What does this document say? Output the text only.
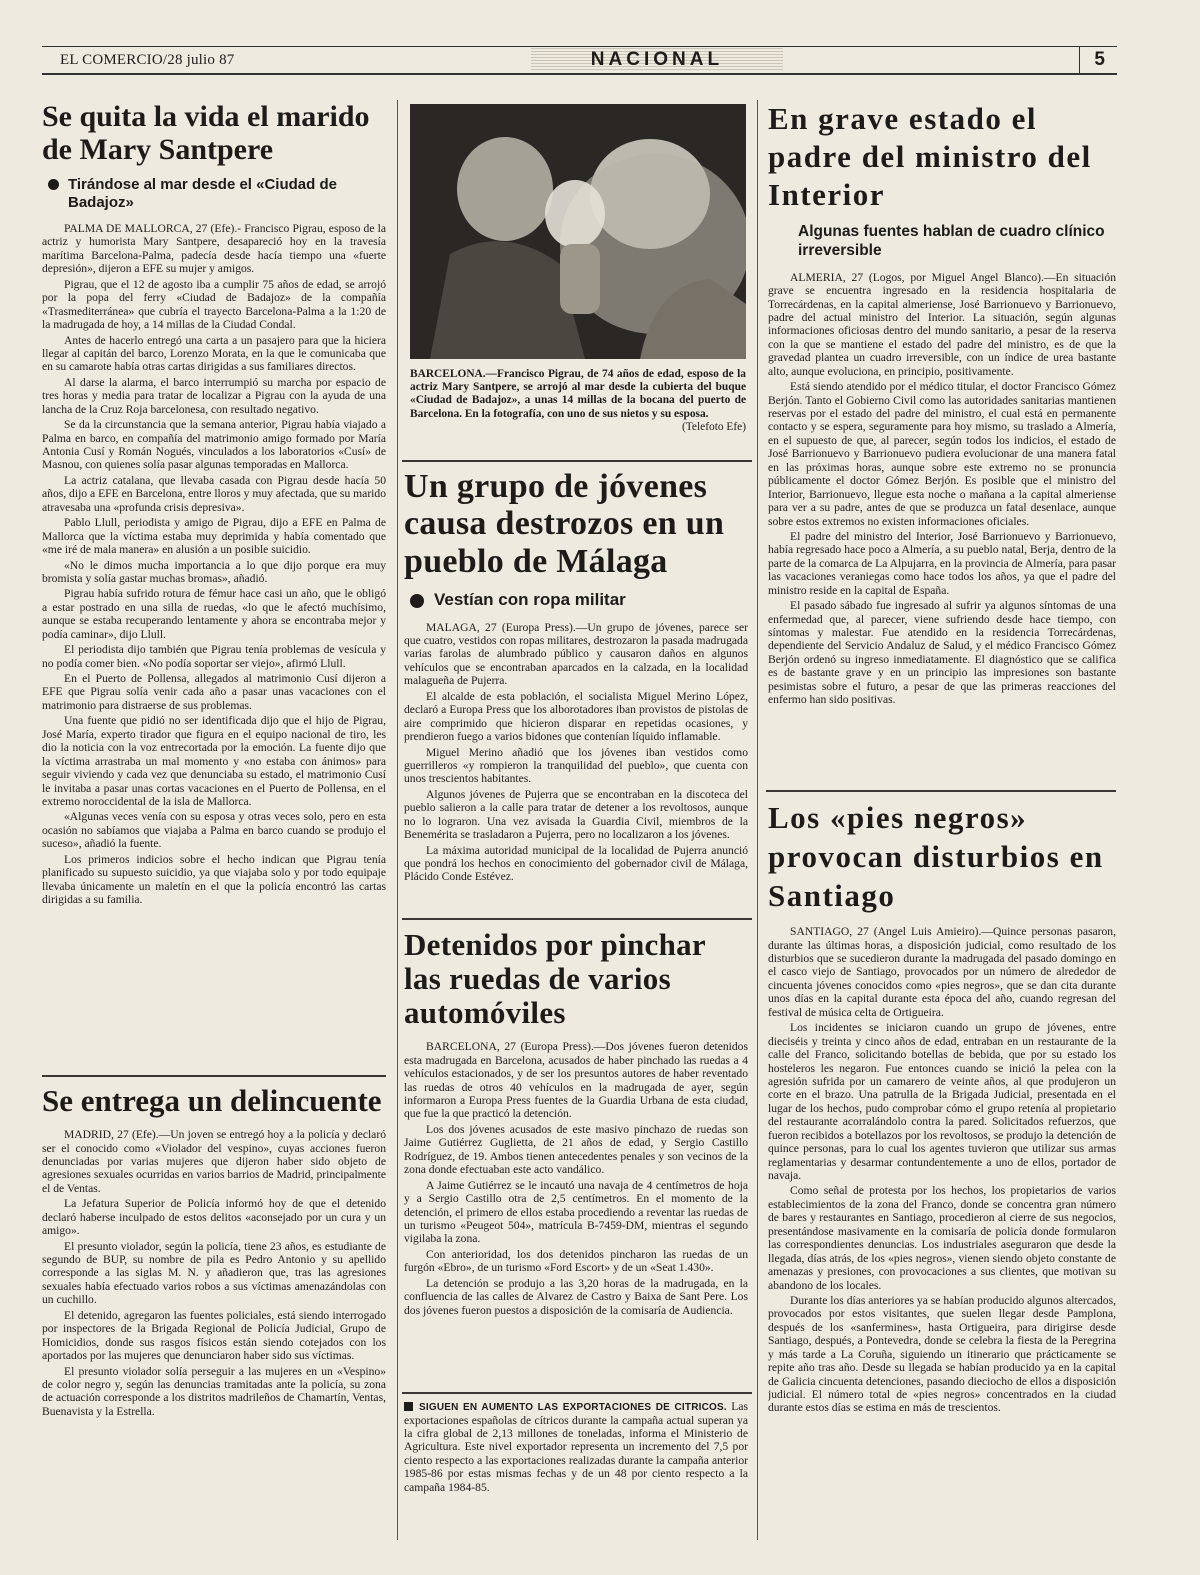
EL COMERCIO/28 julio 87	NACIONAL	5
Se quita la vida el marido de Mary Santpere
Tirándose al mar desde el «Ciudad de Badajoz»

PALMA DE MALLORCA, 27 (Efe).- Francisco Pigrau, esposo de la actriz y humorista Mary Santpere, desapareció hoy en la travesía marítima Barcelona-Palma, padecía desde hacía tiempo una «fuerte depresión», dijeron a EFE su mujer y amigos.

Pigrau, que el 12 de agosto iba a cumplir 75 años de edad, se arrojó por la popa del ferry «Ciudad de Badajoz» de la compañía «Trasmediterránea» que cubría el trayecto Barcelona-Palma a la 1:20 de la madrugada de hoy, a 14 millas de la Ciudad Condal.

Antes de hacerlo entregó una carta a un pasajero para que la hiciera llegar al capitán del barco, Lorenzo Morata, en la que le comunicaba que en su camarote había otras cartas dirigidas a sus familiares directos.

Al darse la alarma, el barco interrumpió su marcha por espacio de tres horas y media para tratar de localizar a Pigrau con la ayuda de una lancha de la Cruz Roja barcelonesa, con resultado negativo.

Se da la circunstancia que la semana anterior, Pigrau había viajado a Palma en barco, en compañía del matrimonio amigo formado por María Antonia Cusí y Román Nogués, vinculados a los laboratorios «Cusí» de Masnou, con quienes solía pasar algunas temporadas en Mallorca.

La actriz catalana, que llevaba casada con Pigrau desde hacía 50 años, dijo a EFE en Barcelona, entre lloros y muy afectada, que su marido atravesaba una «profunda crisis depresiva».

Pablo Llull, periodista y amigo de Pigrau, dijo a EFE en Palma de Mallorca que la víctima estaba muy deprimida y había comentado que «me iré de mala manera» en alusión a un posible suicidio.

«No le dimos mucha importancia a lo que dijo porque era muy bromista y solía gastar muchas bromas», añadió.

Pigrau había sufrido rotura de fémur hace casi un año, que le obligó a estar postrado en una silla de ruedas, «lo que le afectó muchísimo, aunque se estaba recuperando lentamente y ahora se encontraba mejor y podía caminar», dijo Llull.

El periodista dijo también que Pigrau tenía problemas de vesícula y no podía comer bien. «No podía soportar ser viejo», afirmó Llull.

En el Puerto de Pollensa, allegados al matrimonio Cusí dijeron a EFE que Pigrau solía venir cada año a pasar unas vacaciones con el matrimonio para distraerse de sus problemas.

Una fuente que pidió no ser identificada dijo que el hijo de Pigrau, José María, experto tirador que figura en el equipo nacional de tiro, les dio la noticia con la voz entrecortada por la emoción. La fuente dijo que la víctima arrastraba un mal momento y «no estaba con ánimos» para seguir viviendo y cada vez que denunciaba su estado, el matrimonio Cusí le invitaba a pasar unas cortas vacaciones en el Puerto de Pollensa, en el extremo noroccidental de la isla de Mallorca.

«Algunas veces venía con su esposa y otras veces solo, pero en esta ocasión no sabíamos que viajaba a Palma en barco cuando se produjo el suceso», añadió la fuente.

Los primeros indicios sobre el hecho indican que Pigrau tenía planificado su supuesto suicidio, ya que viajaba solo y por todo equipaje llevaba únicamente un maletín en el que la policía encontró las cartas dirigidas a su familia.

Se entrega un delincuente

MADRID, 27 (Efe).—Un joven se entregó hoy a la policía y declaró ser el conocido como «Violador del vespino», cuyas acciones fueron denunciadas por varias mujeres que dijeron haber sido objeto de agresiones sexuales ocurridas en varios barrios de Madrid, principalmente el de Ventas.

La Jefatura Superior de Policía informó hoy de que el detenido declaró haberse inculpado de estos delitos «aconsejado por un cura y un amigo».

El presunto violador, según la policía, tiene 23 años, es estudiante de segundo de BUP, su nombre de pila es Pedro Antonio y su apellido corresponde a las siglas M. N. y añadieron que, tras las agresiones sexuales había efectuado varios robos a sus víctimas amenazándolas con un cuchillo.

El detenido, agregaron las fuentes policiales, está siendo interrogado por inspectores de la Brigada Regional de Policía Judicial, Grupo de Homicidios, donde sus rasgos físicos están siendo cotejados con los aportados por las mujeres que denunciaron haber sido sus víctimas.

El presunto violador solía perseguir a las mujeres en un «Vespino» de color negro y, según las denuncias tramitadas ante la policía, su zona de actuación corresponde a los distritos madrileños de Chamartín, Ventas, Buenavista y la Estrella.

BARCELONA.—Francisco Pigrau, de 74 años de edad, esposo de la actriz Mary Santpere, se arrojó al mar desde la cubierta del buque «Ciudad de Badajoz», a unas 14 millas de la bocana del puerto de Barcelona. En la fotografía, con uno de sus nietos y su esposa.
(Telefoto Efe)
Un grupo de jóvenes causa destrozos en un pueblo de Málaga
Vestían con ropa militar

MALAGA, 27 (Europa Press).—Un grupo de jóvenes, parece ser que cuatro, vestidos con ropas militares, destrozaron la pasada madrugada varias farolas de alumbrado público y causaron daños en algunos vehículos que se encontraban aparcados en la calzada, en la localidad malagueña de Pujerra.

El alcalde de esta población, el socialista Miguel Merino López, declaró a Europa Press que los alborotadores iban provistos de pistolas de aire comprimido que hicieron disparar en repetidas ocasiones, y prendieron fuego a varios bidones que contenían líquido inflamable.

Miguel Merino añadió que los jóvenes iban vestidos como guerrilleros «y rompieron la tranquilidad del pueblo», que cuenta con unos trescientos habitantes.

Algunos jóvenes de Pujerra que se encontraban en la discoteca del pueblo salieron a la calle para tratar de detener a los revoltosos, aunque no lo lograron. Una vez avisada la Guardia Civil, miembros de la Benemérita se trasladaron a Pujerra, pero no localizaron a los jóvenes.

La máxima autoridad municipal de la localidad de Pujerra anunció que pondrá los hechos en conocimiento del gobernador civil de Málaga, Plácido Conde Estévez.

Detenidos por pinchar las ruedas de varios automóviles

BARCELONA, 27 (Europa Press).—Dos jóvenes fueron detenidos esta madrugada en Barcelona, acusados de haber pinchado las ruedas a 4 vehículos estacionados, y de ser los presuntos autores de haber reventado las ruedas de otros 40 vehículos en la madrugada de ayer, según informaron a Europa Press fuentes de la Guardia Urbana de esta ciudad, que fue la que practicó la detención.

Los dos jóvenes acusados de este masivo pinchazo de ruedas son Jaime Gutiérrez Guglietta, de 21 años de edad, y Sergio Castillo Rodríguez, de 19. Ambos tienen antecedentes penales y son vecinos de la zona donde efectuaban este acto vandálico.

A Jaime Gutiérrez se le incautó una navaja de 4 centímetros de hoja y a Sergio Castillo otra de 2,5 centímetros. En el momento de la detención, el primero de ellos estaba procediendo a reventar las ruedas de un turismo «Peugeot 504», matrícula B-7459-DM, mientras el segundo vigilaba la zona.

Con anterioridad, los dos detenidos pincharon las ruedas de un furgón «Ebro», de un turismo «Ford Escort» y de un «Seat 1.430».

La detención se produjo a las 3,20 horas de la madrugada, en la confluencia de las calles de Alvarez de Castro y Baixa de Sant Pere. Los dos jóvenes fueron puestos a disposición de la comisaría de Audiencia.

SIGUEN EN AUMENTO LAS EXPORTACIONES DE CITRICOS. Las exportaciones españolas de cítricos durante la campaña actual superan ya la cifra global de 2,13 millones de toneladas, informa el Ministerio de Agricultura. Este nivel exportador representa un incremento del 7,5 por ciento respecto a las exportaciones realizadas durante la campaña anterior 1985-86 por estas mismas fechas y de un 48 por ciento respecto a la campaña 1984-85.
En grave estado el padre del ministro del Interior
Algunas fuentes hablan de cuadro clínico irreversible

ALMERIA, 27 (Logos, por Miguel Angel Blanco).—En situación grave se encuentra ingresado en la residencia hospitalaria de Torrecárdenas, en la capital almeriense, José Barrionuevo y Barrionuevo, padre del actual ministro del Interior. La situación, según algunas informaciones oficiosas dentro del mundo sanitario, a pesar de la reserva con la que se mantiene el estado del padre del ministro, es de que la gravedad plantea un cuadro irreversible, con un índice de urea bastante alto, aunque evoluciona, en principio, positivamente.

Está siendo atendido por el médico titular, el doctor Francisco Gómez Berjón. Tanto el Gobierno Civil como las autoridades sanitarias mantienen reservas por el estado del padre del ministro, el cual está en permanente contacto y se espera, seguramente para hoy mismo, su traslado a Almería, en el supuesto de que, al parecer, según todos los indicios, el estado de José Barrionuevo y Barrionuevo pudiera evolucionar de una manera fatal en las próximas horas, aunque sobre este extremo no se pronuncia públicamente el doctor Gómez Berjón. Es posible que el ministro del Interior, Barrionuevo, llegue esta noche o mañana a la capital almeriense para ver a su padre, antes de que se produzca un fatal desenlace, aunque sobre estos extremos no existen informaciones oficiales.

El padre del ministro del Interior, José Barrionuevo y Barrionuevo, había regresado hace poco a Almería, a su pueblo natal, Berja, dentro de la parte de la comarca de La Alpujarra, en la provincia de Almería, para pasar las vacaciones veraniegas como hace todos los años, ya que el padre del ministro reside en la capital de España.

El pasado sábado fue ingresado al sufrir ya algunos síntomas de una enfermedad que, al parecer, viene sufriendo desde hace tiempo, con síntomas y malestar. Fue atendido en la residencia Torrecárdenas, dependiente del Servicio Andaluz de Salud, y el médico Francisco Gómez Berjón ordenó su ingreso inmediatamente. El diagnóstico que se califica es de bastante grave y en un principio las impresiones son bastante pesimistas sobre el futuro, a pesar de que las primeras reacciones del enfermo han sido positivas.

Los «pies negros» provocan disturbios en Santiago

SANTIAGO, 27 (Angel Luis Amieiro).—Quince personas pasaron, durante las últimas horas, a disposición judicial, como resultado de los disturbios que se sucedieron durante la madrugada del pasado domingo en el casco viejo de Santiago, provocados por un número de alrededor de cincuenta jóvenes conocidos como «pies negros», que se dan cita durante unos días en la capital durante esta época del año, cuando regresan del festival de música celta de Ortigueira.

Los incidentes se iniciaron cuando un grupo de jóvenes, entre dieciséis y treinta y cinco años de edad, entraban en un restaurante de la calle del Franco, solicitando botellas de bebida, que por su estado los hosteleros les negaron. Fue entonces cuando se inició la pelea con la agresión sufrida por un camarero de veinte años, al que produjeron un corte en el brazo. Una patrulla de la Brigada Judicial, presentada en el lugar de los hechos, pudo comprobar cómo el grupo retenía al propietario del restaurante acorralándolo contra la pared. Solicitados refuerzos, que fueron recibidos a botellazos por los revoltosos, se produjo la detención de quince personas, para lo cual los agentes tuvieron que utilizar sus armas reglamentarias y desarmar contundentemente a uno de ellos, portador de navaja.

Como señal de protesta por los hechos, los propietarios de varios establecimientos de la zona del Franco, donde se concentra gran número de bares y restaurantes en Santiago, procedieron al cierre de sus negocios, presentándose masivamente en la comisaría de policía donde formularon las correspondientes denuncias. Los industriales aseguraron que desde la llegada, días atrás, de los «pies negros», vienen siendo objeto constante de amenazas y presiones, con provocaciones a sus clientes, que motivan su abandono de los locales.

Durante los días anteriores ya se habían producido algunos altercados, provocados por estos visitantes, que suelen llegar desde Pamplona, después de los «sanfermines», hasta Ortigueira, para dirigirse desde Santiago, después, a Pontevedra, donde se celebra la fiesta de la Peregrina y más tarde a La Coruña, siguiendo un itinerario que prácticamente se repite año tras año. Desde su llegada se habían producido ya en la capital de Galicia cincuenta detenciones, pasando dieciocho de ellos a disposición judicial. El número total de «pies negros» concentrados en la ciudad durante estos días se estima en más de trescientos.
